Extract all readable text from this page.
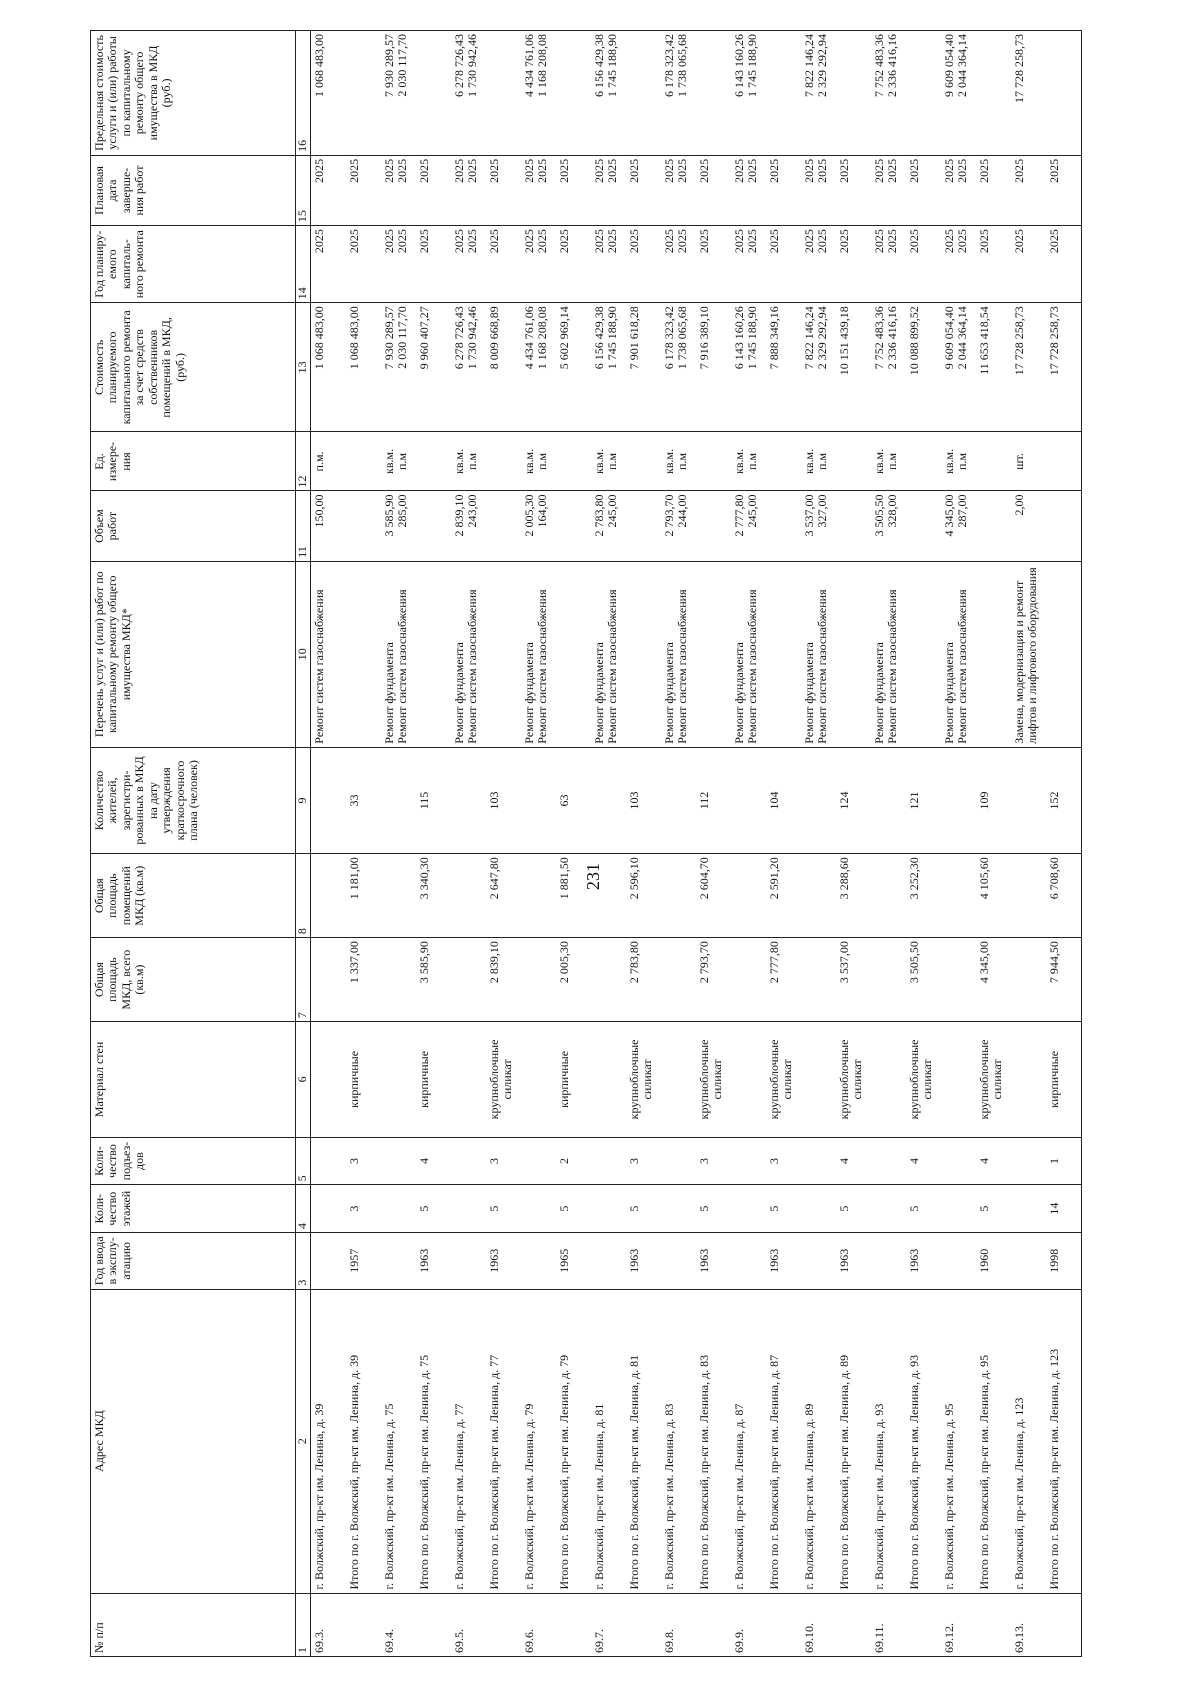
231
№ п/п	Адрес МКД	Год ввода в эксплу-атацию	Коли-чество этажей	Коли-чество подъез-дов	Материал стен	Общая площадь МКД, всего (кв.м)	Общая площадь помещений МКД (кв.м)	Количество жителей, зарегистри-рованных в МКД на дату утверждения краткосрочного плана (человек)	Перечень услуг и (или) работ по капитальному ремонту общего имущества МКД*	Объем работ	Ед. измере-ния	Стоимость планируемого капитального ремонта за счет средств собственников помещений в МКД, (руб.)	Год планиру-емого капиталь-ного ремонта	Плановая дата заверше-ния работ	Предельная стоимость услуги и (или) работы по капитальному ремонту общего имущества в МКД (руб.)
1	2	3	4	5	6	7	8	9	10	11	12	13	14	15	16
69.3.	г. Волжский, пр-кт им. Ленина, д. 39								Ремонт систем газоснабжения	150,00	п.м.	1 068 483,00	2025	2025	1 068 483,00

	Итого по г. Волжский, пр-кт им. Ленина, д. 39	1957	3	3	кирпичные	1 337,00	1 181,00	33				1 068 483,00	2025	2025	

69.4.	г. Волжский, пр-кт им. Ленина, д. 75								Ремонт фундамента Ремонт систем газоснабжения	3 585,90 285,00	кв.м. п.м	7 930 289,57 2 030 117,70	2025 2025	2025 2025	7 930 289,57 2 030 117,70

	Итого по г. Волжский, пр-кт им. Ленина, д. 75	1963	5	4	кирпичные	3 585,90	3 340,30	115				9 960 407,27	2025	2025	

69.5.	г. Волжский, пр-кт им. Ленина, д. 77								Ремонт фундамента Ремонт систем газоснабжения	2 839,10 243,00	кв.м. п.м	6 278 726,43 1 730 942,46	2025 2025	2025 2025	6 278 726,43 1 730 942,46

	Итого по г. Волжский, пр-кт им. Ленина, д. 77	1963	5	3	крупноблочные силикат	2 839,10	2 647,80	103				8 009 668,89	2025	2025	

69.6.	г. Волжский, пр-кт им. Ленина, д. 79								Ремонт фундамента Ремонт систем газоснабжения	2 005,30 164,00	кв.м. п.м	4 434 761,06 1 168 208,08	2025 2025	2025 2025	4 434 761,06 1 168 208,08

	Итого по г. Волжский, пр-кт им. Ленина, д. 79	1965	5	2	кирпичные	2 005,30	1 881,50	63				5 602 969,14	2025	2025	

69.7.	г. Волжский, пр-кт им. Ленина, д. 81								Ремонт фундамента Ремонт систем газоснабжения	2 783,80 245,00	кв.м. п.м	6 156 429,38 1 745 188,90	2025 2025	2025 2025	6 156 429,38 1 745 188,90

	Итого по г. Волжский, пр-кт им. Ленина, д. 81	1963	5	3	крупноблочные силикат	2 783,80	2 596,10	103				7 901 618,28	2025	2025	

69.8.	г. Волжский, пр-кт им. Ленина, д. 83								Ремонт фундамента Ремонт систем газоснабжения	2 793,70 244,00	кв.м. п.м	6 178 323,42 1 738 065,68	2025 2025	2025 2025	6 178 323,42 1 738 065,68

	Итого по г. Волжский, пр-кт им. Ленина, д. 83	1963	5	3	крупноблочные силикат	2 793,70	2 604,70	112				7 916 389,10	2025	2025	

69.9.	г. Волжский, пр-кт им. Ленина, д. 87								Ремонт фундамента Ремонт систем газоснабжения	2 777,80 245,00	кв.м. п.м	6 143 160,26 1 745 188,90	2025 2025	2025 2025	6 143 160,26 1 745 188,90

	Итого по г. Волжский, пр-кт им. Ленина, д. 87	1963	5	3	крупноблочные силикат	2 777,80	2 591,20	104				7 888 349,16	2025	2025	

69.10.	г. Волжский, пр-кт им. Ленина, д. 89								Ремонт фундамента Ремонт систем газоснабжения	3 537,00 327,00	кв.м. п.м	7 822 146,24 2 329 292,94	2025 2025	2025 2025	7 822 146,24 2 329 292,94

	Итого по г. Волжский, пр-кт им. Ленина, д. 89	1963	5	4	крупноблочные силикат	3 537,00	3 288,60	124				10 151 439,18	2025	2025	

69.11.	г. Волжский, пр-кт им. Ленина, д. 93								Ремонт фундамента Ремонт систем газоснабжения	3 505,50 328,00	кв.м. п.м	7 752 483,36 2 336 416,16	2025 2025	2025 2025	7 752 483,36 2 336 416,16

	Итого по г. Волжский, пр-кт им. Ленина, д. 93	1963	5	4	крупноблочные силикат	3 505,50	3 252,30	121				10 088 899,52	2025	2025	

69.12.	г. Волжский, пр-кт им. Ленина, д. 95								Ремонт фундамента Ремонт систем газоснабжения	4 345,00 287,00	кв.м. п.м	9 609 054,40 2 044 364,14	2025 2025	2025 2025	9 609 054,40 2 044 364,14

	Итого по г. Волжский, пр-кт им. Ленина, д. 95	1960	5	4	крупноблочные силикат	4 345,00	4 105,60	109				11 653 418,54	2025	2025	

69.13.	г. Волжский, пр-кт им. Ленина, д. 123								Замена, модернизация и ремонт лифтов и лифтового оборудования	2,00	шт.	17 728 258,73	2025	2025	17 728 258,73

	Итого по г. Волжский, пр-кт им. Ленина, д. 123	1998	14	1	кирпичные	7 944,50	6 708,60	152				17 728 258,73	2025	2025	
